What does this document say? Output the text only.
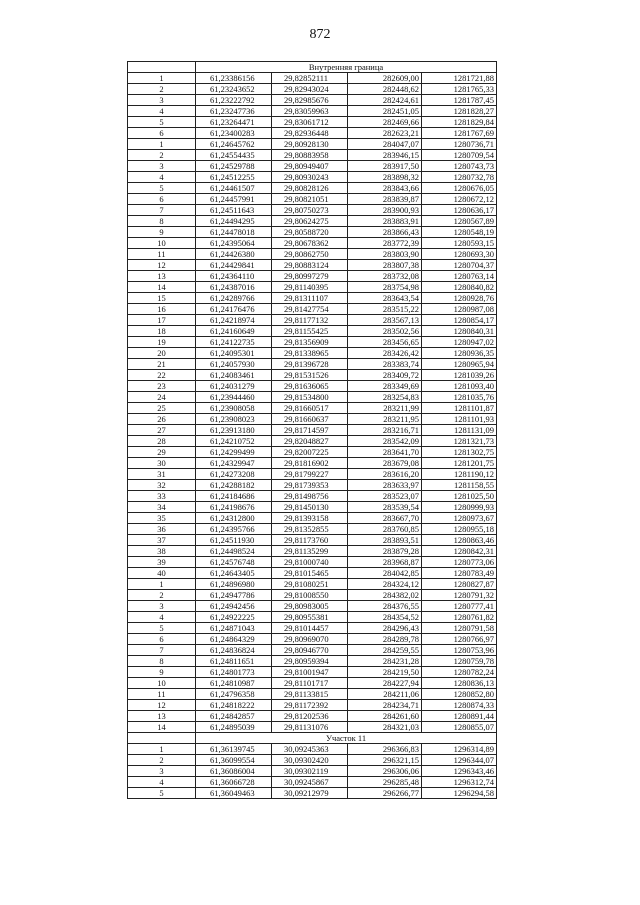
872
	Внутренняя граница			
1	61,23386156	29,82852111	282609,00	1281721,88
2	61,23243652	29,82943024	282448,62	1281765,33
3	61,23222792	29,82985676	282424,61	1281787,45
4	61,23247736	29,83059963	282451,05	1281828,27
5	61,23264471	29,83061712	282469,66	1281829,84
6	61,23400283	29,82936448	282623,21	1281767,69
1	61,24645762	29,80928130	284047,07	1280736,71
2	61,24554435	29,80883958	283946,15	1280709,54
3	61,24529788	29,80949407	283917,50	1280743,73
4	61,24512255	29,80930243	283898,32	1280732,78
5	61,24461507	29,80828126	283843,66	1280676,05
6	61,24457991	29,80821051	283839,87	1280672,12
7	61,24511643	29,80750273	283900,93	1280636,17
8	61,24494295	29,80624275	283883,91	1280567,89
9	61,24478018	29,80588720	283866,43	1280548,19
10	61,24395064	29,80678362	283772,39	1280593,15
11	61,24426380	29,80862750	283803,90	1280693,30
12	61,24429841	29,80883124	283807,38	1280704,37
13	61,24364110	29,80997279	283732,08	1280763,14
14	61,24387016	29,81140395	283754,98	1280840,82
15	61,24289766	29,81311107	283643,54	1280928,76
16	61,24176476	29,81427754	283515,22	1280987,08
17	61,24218974	29,81177132	283567,13	1280854,17
18	61,24160649	29,81155425	283502,56	1280840,31
19	61,24122735	29,81356909	283456,65	1280947,02
20	61,24095301	29,81338965	283426,42	1280936,35
21	61,24057930	29,81396728	283383,74	1280965,94
22	61,24083461	29,81531526	283409,72	1281039,26
23	61,24031279	29,81636065	283349,69	1281093,40
24	61,23944460	29,81534800	283254,83	1281035,76
25	61,23908058	29,81660517	283211,99	1281101,87
26	61,23908023	29,81660637	283211,95	1281101,93
27	61,23913180	29,81714597	283216,71	1281131,09
28	61,24210752	29,82048827	283542,09	1281321,73
29	61,24299499	29,82007225	283641,70	1281302,75
30	61,24329947	29,81816902	283679,08	1281201,75
31	61,24273208	29,81799227	283616,20	1281190,12
32	61,24288182	29,81739353	283633,97	1281158,55
33	61,24184686	29,81498756	283523,07	1281025,50
34	61,24198676	29,81450130	283539,54	1280999,93
35	61,24312800	29,81393158	283667,70	1280973,67
36	61,24395766	29,81352855	283760,85	1280955,18
37	61,24511930	29,81173760	283893,51	1280863,46
38	61,24498524	29,81135299	283879,28	1280842,31
39	61,24576748	29,81000740	283968,87	1280773,06
40	61,24643405	29,81015465	284042,85	1280783,49
1	61,24896980	29,81080251	284324,12	1280827,87
2	61,24947786	29,81008550	284382,02	1280791,32
3	61,24942456	29,80983005	284376,55	1280777,41
4	61,24922225	29,80955381	284354,52	1280761,82
5	61,24871043	29,81014457	284296,43	1280791,58
6	61,24864329	29,80969070	284289,78	1280766,97
7	61,24836824	29,80946770	284259,55	1280753,96
8	61,24811651	29,80959394	284231,28	1280759,78
9	61,24801773	29,81001947	284219,50	1280782,24
10	61,24810987	29,81101717	284227,94	1280836,13
11	61,24796358	29,81133815	284211,06	1280852,80
12	61,24818222	29,81172392	284234,71	1280874,33
13	61,24842857	29,81202536	284261,60	1280891,44
14	61,24895039	29,81131076	284321,03	1280855,07
	Участок 11			
1	61,36139745	30,09245363	296366,83	1296314,89
2	61,36099554	30,09302420	296321,15	1296344,07
3	61,36086004	30,09302119	296306,06	1296343,46
4	61,36066728	30,09245867	296285,48	1296312,74
5	61,36049463	30,09212979	296266,77	1296294,58
